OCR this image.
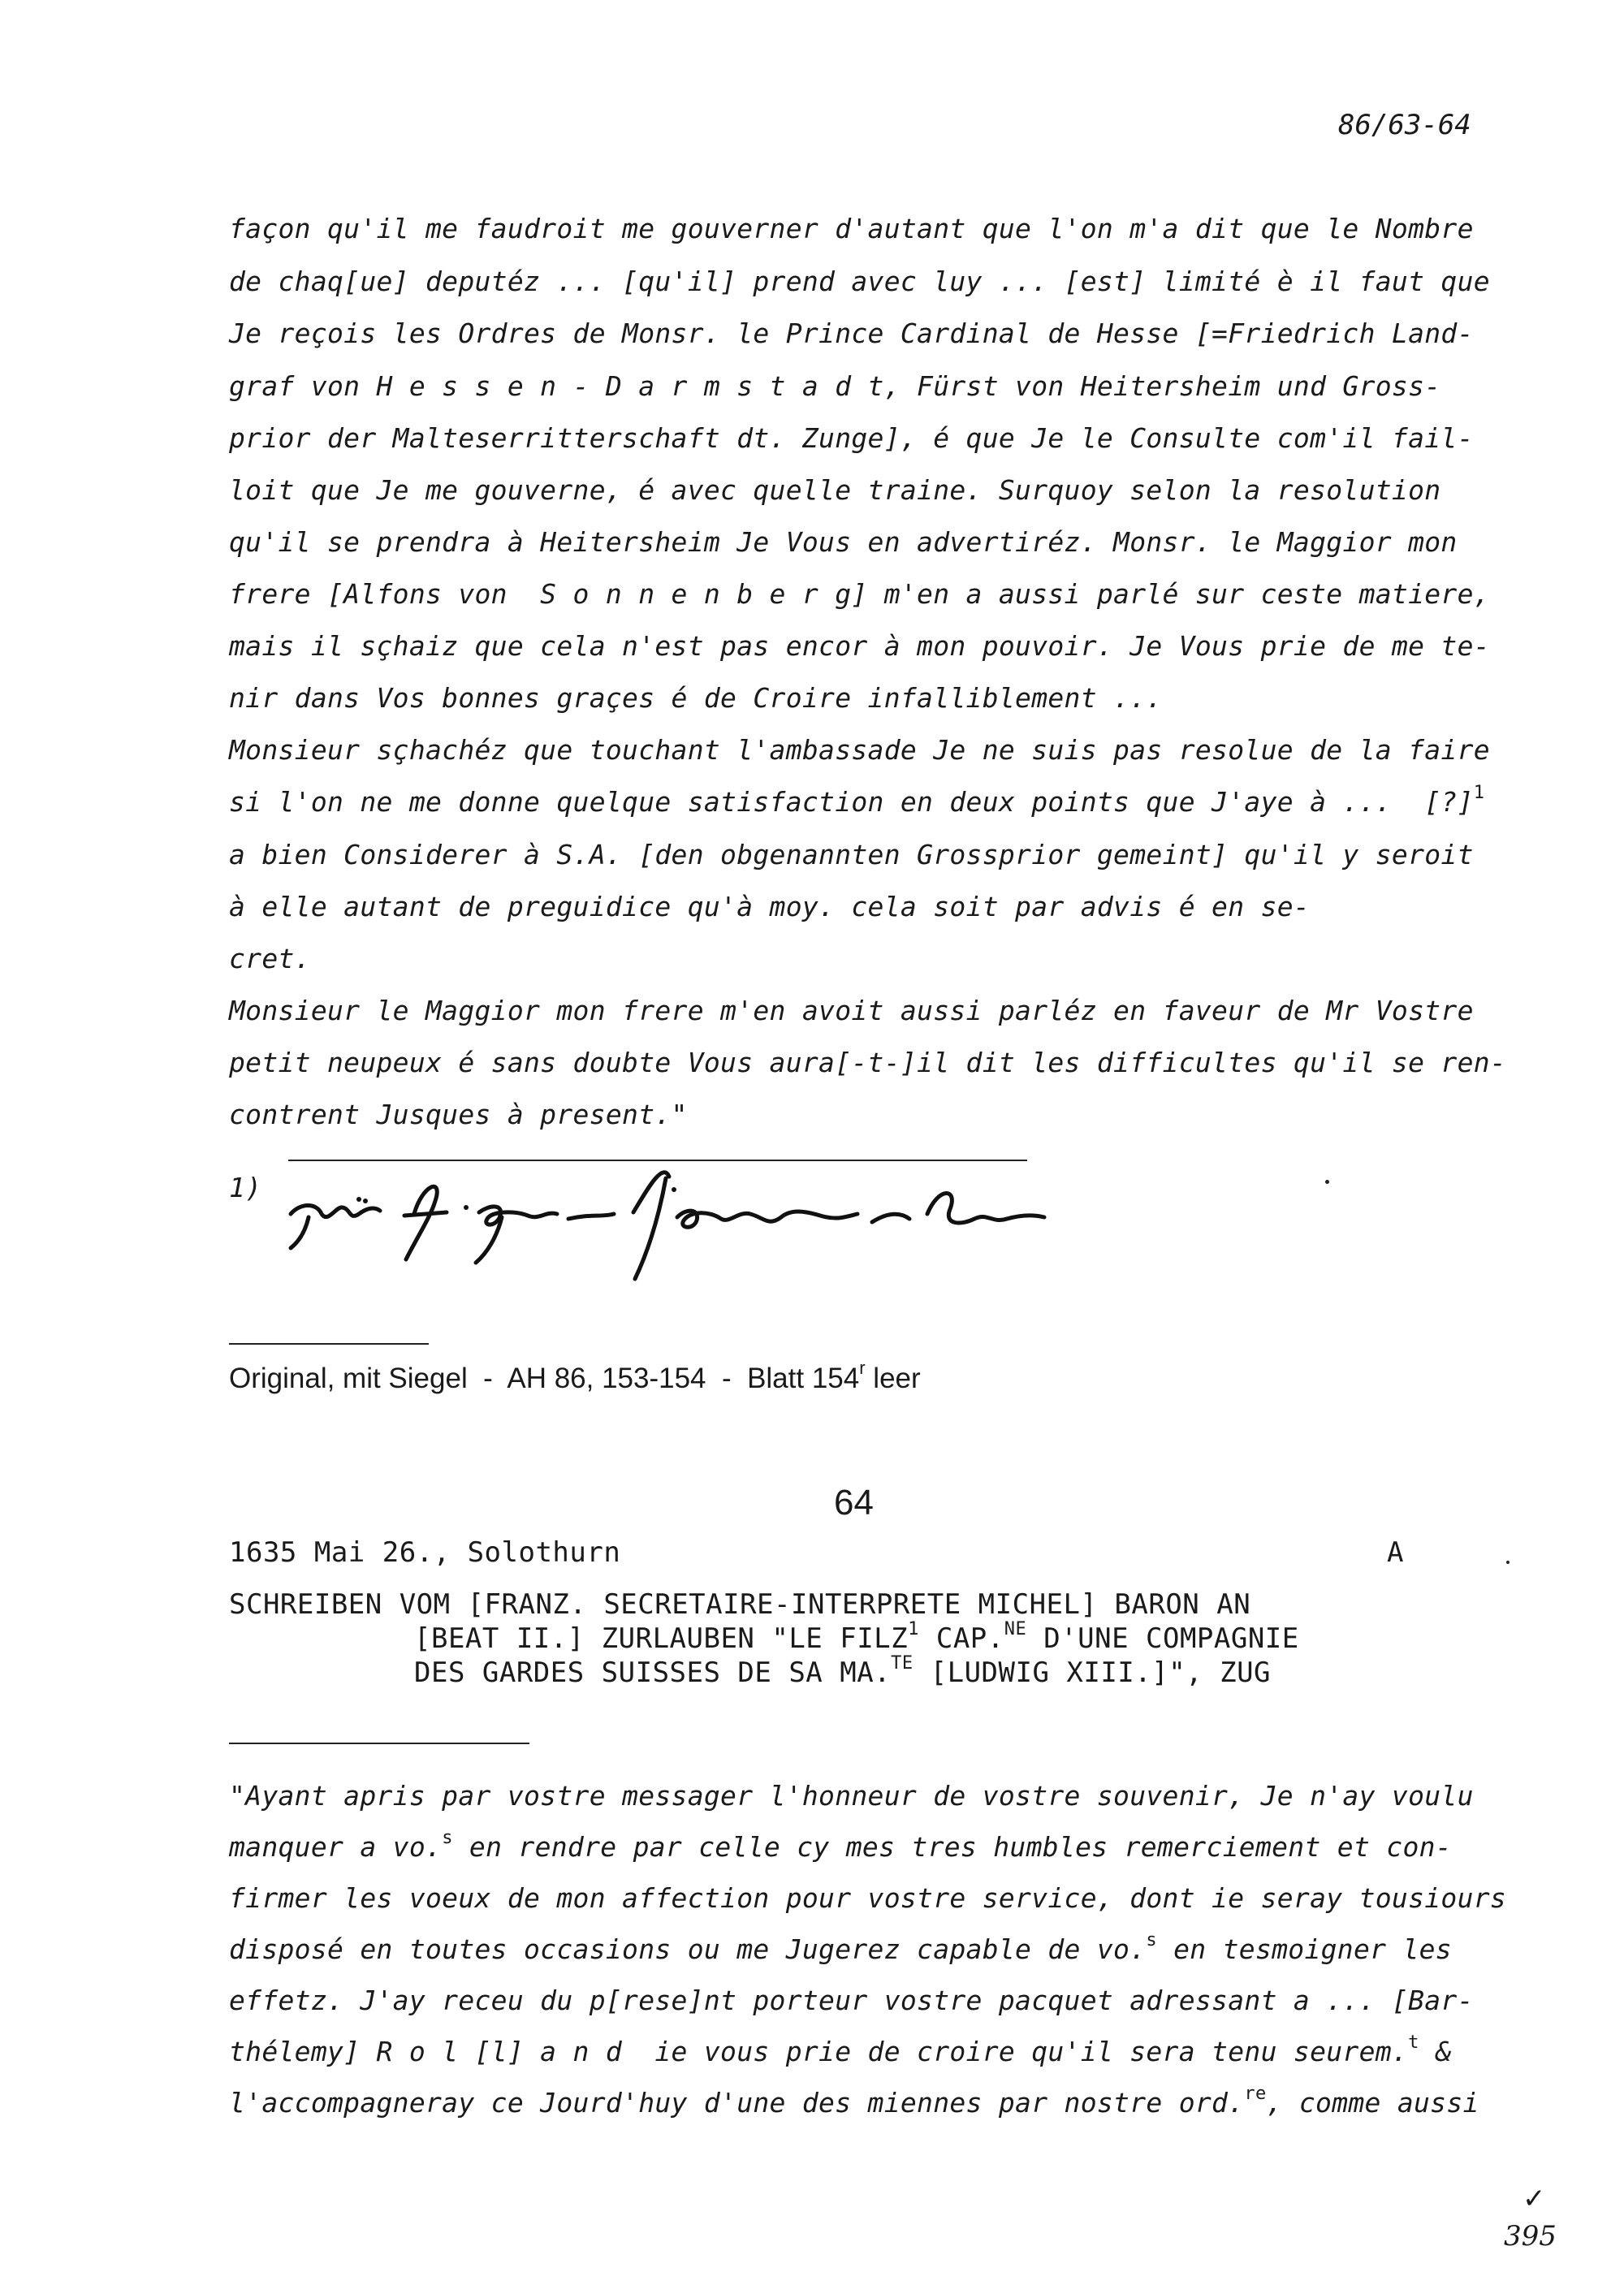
86/63-64
façon qu'il me faudroit me gouverner d'autant que l'on m'a dit que le Nombre
de chaq[ue] deputéz ... [qu'il] prend avec luy ... [est] limité è il faut que
Je reçois les Ordres de Monsr. le Prince Cardinal de Hesse [=Friedrich Land-
graf von H e s s e n - D a r m s t a d t, Fürst von Heitersheim und Gross-
prior der Malteserritterschaft dt. Zunge], é que Je le Consulte com'il fail-
loit que Je me gouverne, é avec quelle traine. Surquoy selon la resolution
qu'il se prendra à Heitersheim Je Vous en advertiréz. Monsr. le Maggior mon
frere [Alfons von  S o n n e n b e r g] m'en a aussi parlé sur ceste matiere,
mais il sçhaiz que cela n'est pas encor à mon pouvoir. Je Vous prie de me te-
nir dans Vos bonnes graçes é de Croire infalliblement ...
Monsieur sçhachéz que touchant l'ambassade Je ne suis pas resolue de la faire
si l'on ne me donne quelque satisfaction en deux points que J'aye à ...  [?]$^1$
a bien Considerer à S.A. [den obgenannten Grossprior gemeint] qu'il y seroit
à elle autant de preguidice qu'à moy. cela soit par advis é en se-
cret.
Monsieur le Maggior mon frere m'en avoit aussi parléz en faveur de Mr Vostre
petit neupeux é sans doubte Vous aura[-t-]il dit les difficultes qu'il se ren-
contrent Jusques à present."
1)
Original, mit Siegel  -  AH 86, 153-154  -  Blatt 154$^r$ leer
64
1635 Mai 26., Solothurn	A
SCHREIBEN VOM [FRANZ. SECRETAIRE-INTERPRETE MICHEL] BARON AN
[BEAT II.] ZURLAUBEN "LE FILZ$^1$ CAP.$^{NE}$ D'UNE COMPAGNIE
DES GARDES SUISSES DE SA MA.$^{TE}$ [LUDWIG XIII.]", ZUG
"Ayant apris par vostre messager l'honneur de vostre souvenir, Je n'ay voulu
manquer a vo.$^s$ en rendre par celle cy mes tres humbles remerciement et con-
firmer les voeux de mon affection pour vostre service, dont ie seray tousiours
disposé en toutes occasions ou me Jugerez capable de vo.$^s$ en tesmoigner les
effetz. J'ay receu du p[rese]nt porteur vostre pacquet adressant a ... [Bar-
thélemy] R o l [l] a n d  ie vous prie de croire qu'il sera tenu seurem.$^t$ &
l'accompagneray ce Jourd'huy d'une des miennes par nostre ord.$^{re}$, comme aussi
✓
395
